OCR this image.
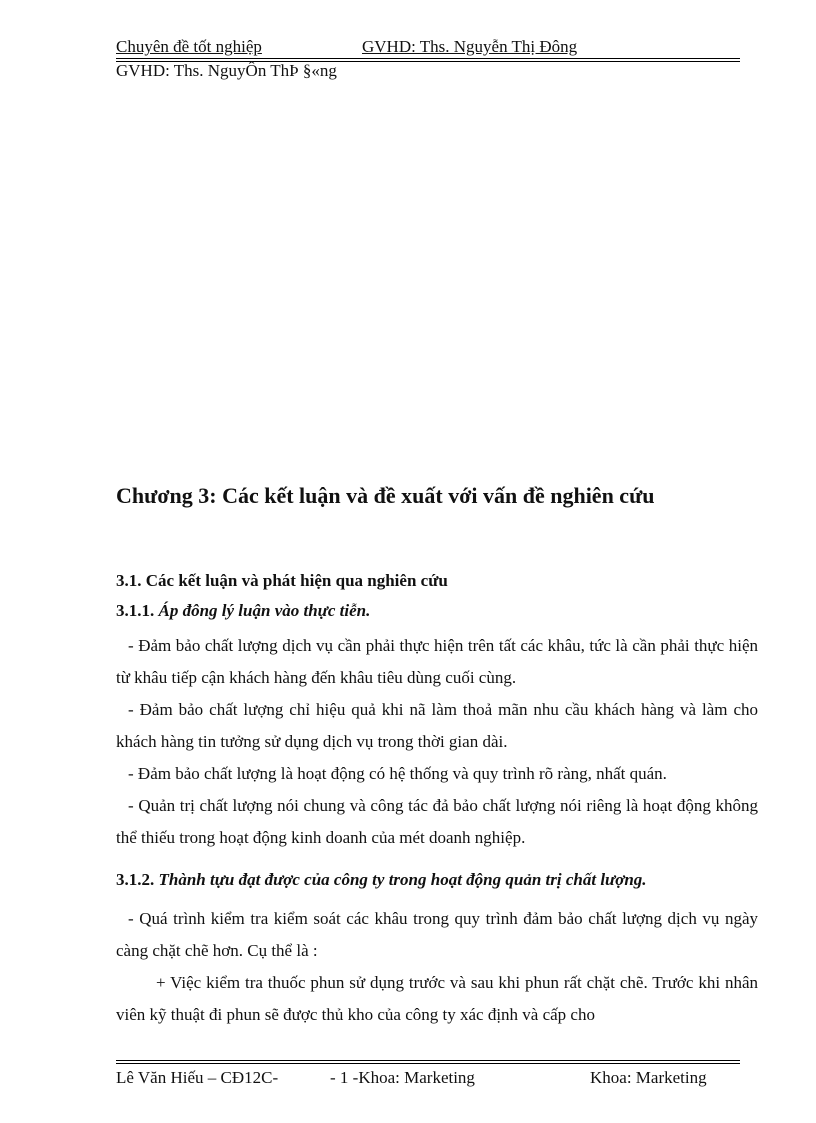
Chuyên đề tốt nghiệp	GVHD: Ths. Nguyễn Thị Đông
GVHD: Ths. NguyÔn ThÞ §«ng
Chương 3: Các kết luận và đề xuất với vấn đề nghiên cứu
3.1. Các kết luận và phát hiện qua nghiên cứu
3.1.1. Áp đông lý luận vào thực tiễn.

- Đảm bảo chất lượng dịch vụ cần phải thực hiện trên tất các khâu, tức là cần phải thực hiện từ khâu tiếp cận khách hàng đến khâu tiêu dùng cuối cùng.

- Đảm bảo chất lượng chỉ hiệu quả khi nã làm thoả mãn nhu cầu khách hàng và làm cho khách hàng tin tưởng sử dụng dịch vụ trong thời gian dài.

- Đảm bảo chất lượng là hoạt động có hệ thống và quy trình rõ ràng, nhất quán.

- Quản trị chất lượng nói chung và công tác đả bảo chất lượng nói riêng là hoạt động không thể thiếu trong hoạt động kinh doanh của mét doanh nghiệp.

3.1.2. Thành tựu đạt được của công ty trong hoạt động quản trị chất lượng.

- Quá trình kiểm tra kiểm soát các khâu trong quy trình đảm bảo chất lượng dịch vụ ngày càng chặt chẽ hơn. Cụ thể là :

+ Việc kiểm tra thuốc phun sử dụng trước và sau khi phun rất chặt chẽ. Trước khi nhân viên kỹ thuật đi phun sẽ được thủ kho của công ty xác định và cấp cho

Lê Văn Hiếu – CĐ12C-	- 1 -Khoa: Marketing	Khoa: Marketing
